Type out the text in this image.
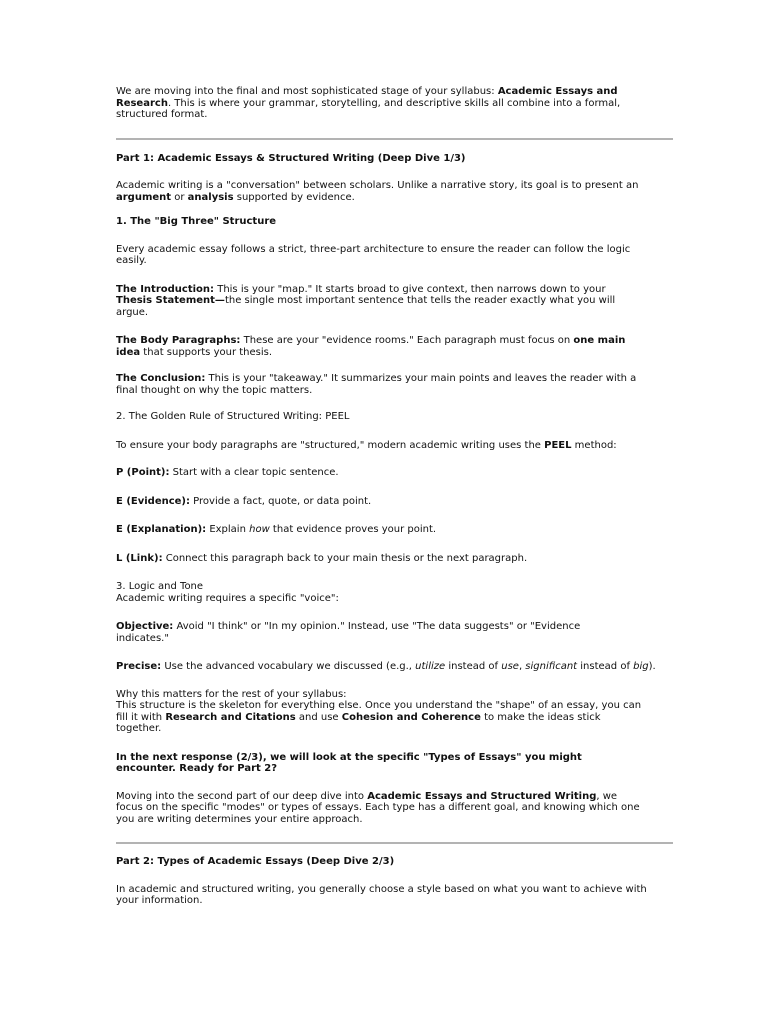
We are moving into the final and most sophisticated stage of your syllabus: Academic Essays and Research. This is where your grammar, storytelling, and descriptive skills all combine into a formal, structured format.

Part 1: Academic Essays & Structured Writing (Deep Dive 1/3)

Academic writing is a "conversation" between scholars. Unlike a narrative story, its goal is to present an argument or analysis supported by evidence.

1. The "Big Three" Structure

Every academic essay follows a strict, three-part architecture to ensure the reader can follow the logic easily.

The Introduction: This is your "map." It starts broad to give context, then narrows down to your Thesis Statement—the single most important sentence that tells the reader exactly what you will argue.

The Body Paragraphs: These are your "evidence rooms." Each paragraph must focus on one main idea that supports your thesis.

The Conclusion: This is your "takeaway." It summarizes your main points and leaves the reader with a final thought on why the topic matters.

2. The Golden Rule of Structured Writing: PEEL

To ensure your body paragraphs are "structured," modern academic writing uses the PEEL method:

P (Point): Start with a clear topic sentence.

E (Evidence): Provide a fact, quote, or data point.

E (Explanation): Explain how that evidence proves your point.

L (Link): Connect this paragraph back to your main thesis or the next paragraph.

3. Logic and Tone

Academic writing requires a specific "voice":

Objective: Avoid "I think" or "In my opinion." Instead, use "The data suggests" or "Evidence indicates."

Precise: Use the advanced vocabulary we discussed (e.g., utilize instead of use, significant instead of big).

Why this matters for the rest of your syllabus:

This structure is the skeleton for everything else. Once you understand the "shape" of an essay, you can fill it with Research and Citations and use Cohesion and Coherence to make the ideas stick together.

In the next response (2/3), we will look at the specific "Types of Essays" you might encounter. Ready for Part 2?

Moving into the second part of our deep dive into Academic Essays and Structured Writing, we focus on the specific "modes" or types of essays. Each type has a different goal, and knowing which one you are writing determines your entire approach.

Part 2: Types of Academic Essays (Deep Dive 2/3)

In academic and structured writing, you generally choose a style based on what you want to achieve with your information.
